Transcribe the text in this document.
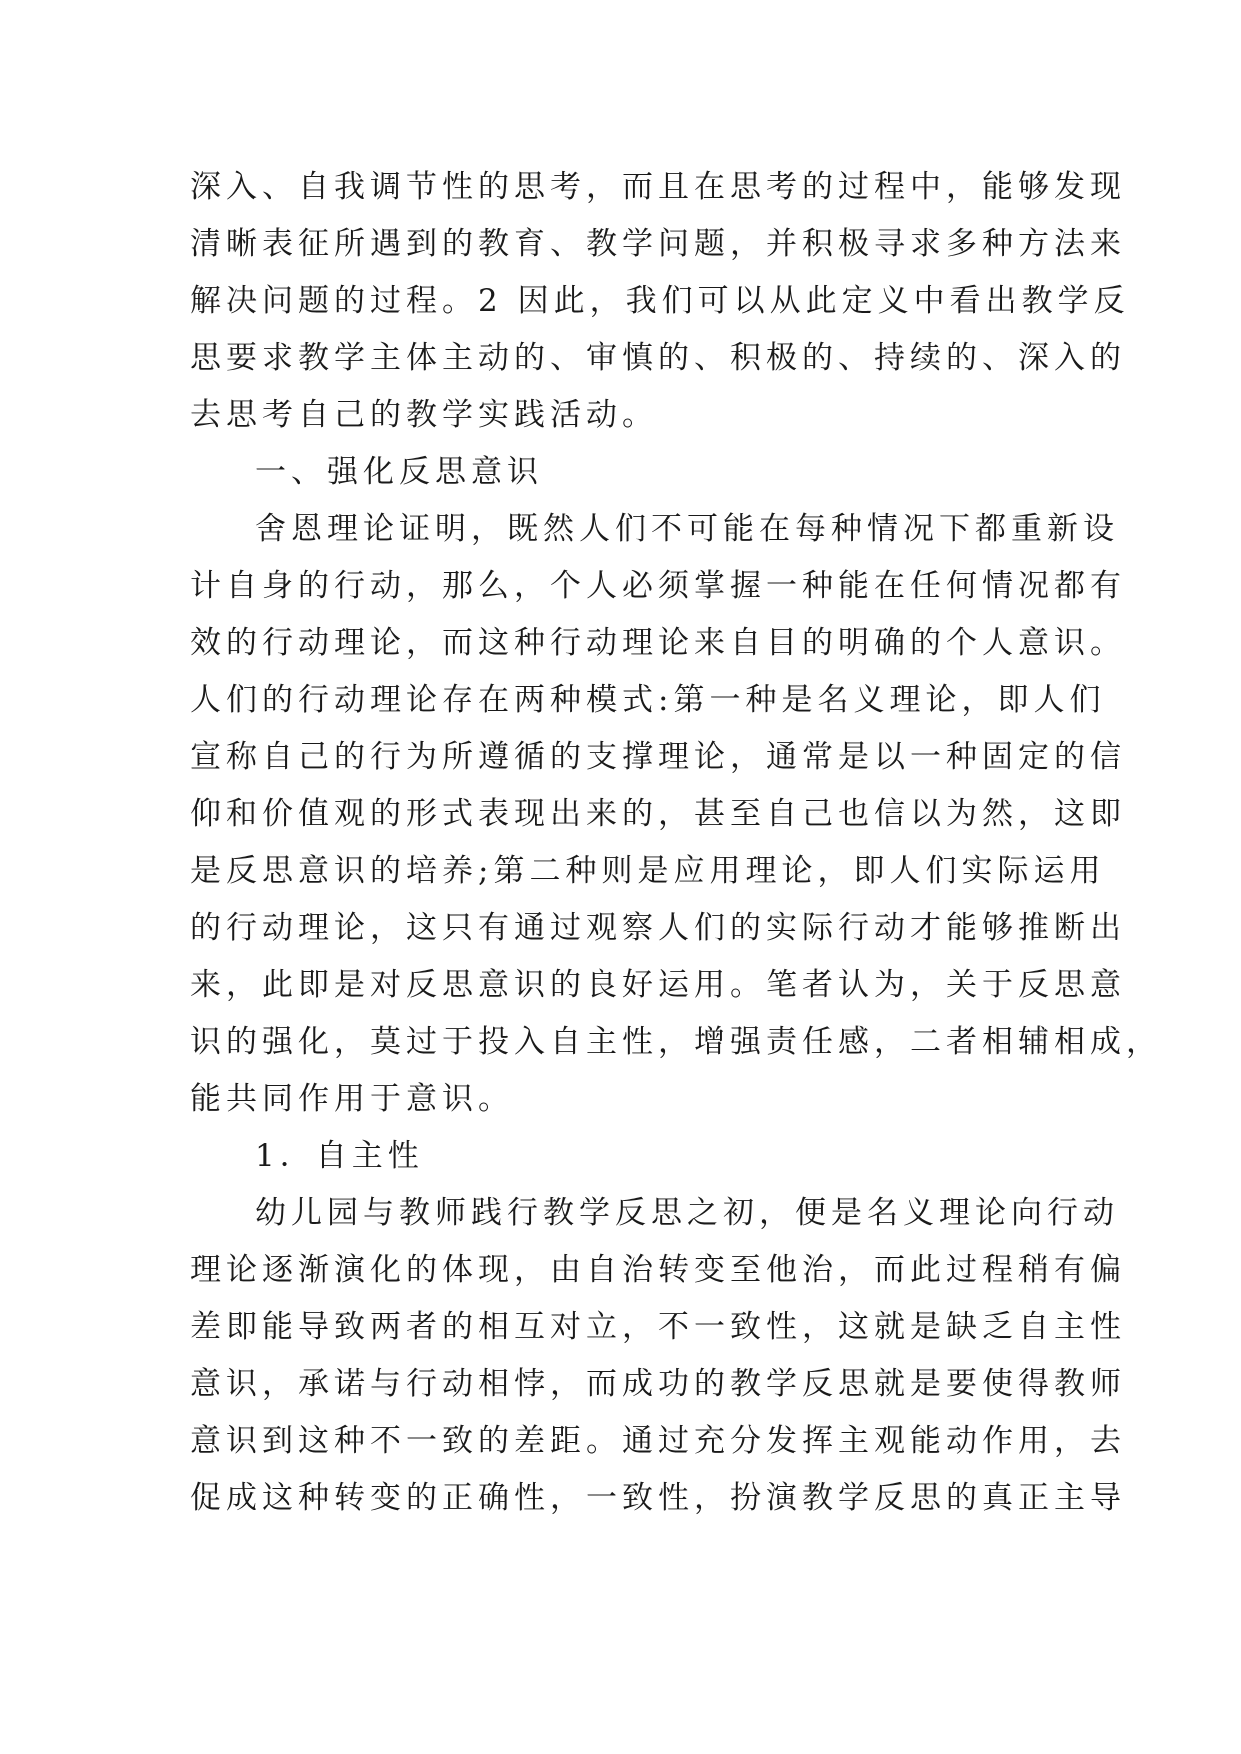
深入、自我调节性的思考，而且在思考的过程中，能够发现
清晰表征所遇到的教育、教学问题，并积极寻求多种方法来
解决问题的过程。2 因此，我们可以从此定义中看出教学反
思要求教学主体主动的、审慎的、积极的、持续的、深入的
去思考自己的教学实践活动。
一、强化反思意识
舍恩理论证明，既然人们不可能在每种情况下都重新设
计自身的行动，那么，个人必须掌握一种能在任何情况都有
效的行动理论，而这种行动理论来自目的明确的个人意识。
人们的行动理论存在两种模式:第一种是名义理论，即人们
宣称自己的行为所遵循的支撑理论，通常是以一种固定的信
仰和价值观的形式表现出来的，甚至自己也信以为然，这即
是反思意识的培养;第二种则是应用理论，即人们实际运用
的行动理论，这只有通过观察人们的实际行动才能够推断出
来，此即是对反思意识的良好运用。笔者认为，关于反思意
识的强化，莫过于投入自主性，增强责任感，二者相辅相成，
能共同作用于意识。
1．自主性
幼儿园与教师践行教学反思之初，便是名义理论向行动
理论逐渐演化的体现，由自治转变至他治，而此过程稍有偏
差即能导致两者的相互对立，不一致性，这就是缺乏自主性
意识，承诺与行动相悖，而成功的教学反思就是要使得教师
意识到这种不一致的差距。通过充分发挥主观能动作用，去
促成这种转变的正确性，一致性，扮演教学反思的真正主导
